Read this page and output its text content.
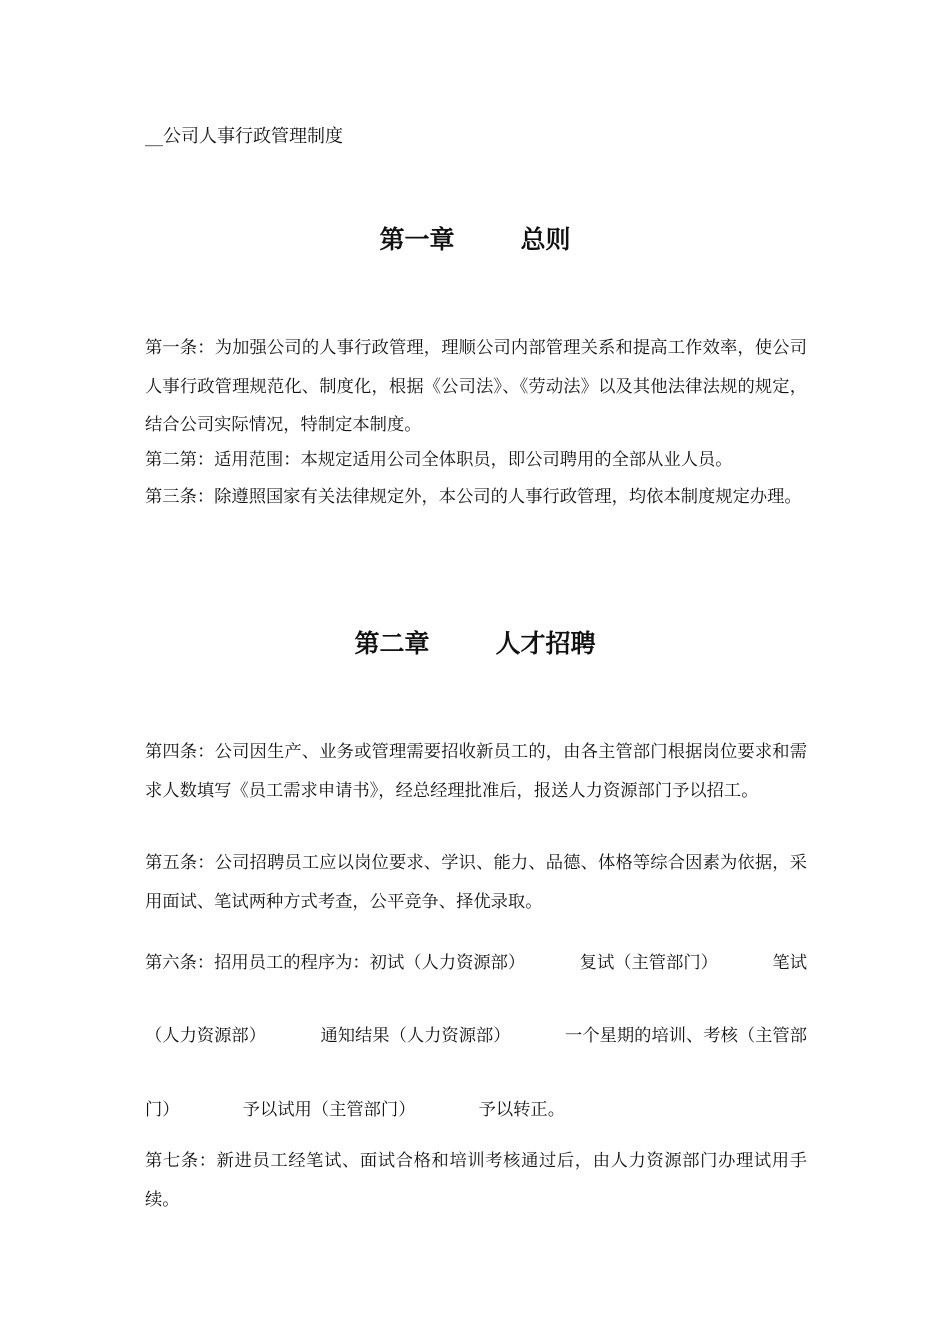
__公司人事行政管理制度
第一章	总则
第一条：为加强公司的人事行政管理，理顺公司内部管理关系和提高工作效率，使公司人事行政管理规范化、制度化，根据《公司法》、《劳动法》以及其他法律法规的规定，结合公司实际情况，特制定本制度。
第二第：适用范围：本规定适用公司全体职员，即公司聘用的全部从业人员。
第三条：除遵照国家有关法律规定外，本公司的人事行政管理，均依本制度规定办理。
第二章	人才招聘
第四条：公司因生产、业务或管理需要招收新员工的，由各主管部门根据岗位要求和需求人数填写《员工需求申请书》，经总经理批准后，报送人力资源部门予以招工。
第五条：公司招聘员工应以岗位要求、学识、能力、品德、体格等综合因素为依据，采用面试、笔试两种方式考查，公平竞争、择优录取。
第六条：招用员工的程序为：初试（人力资源部）	复试（主管部门）	笔试
（人力资源部）	通知结果（人力资源部）	一个星期的培训、考核（主管部
门）	予以试用（主管部门）	予以转正。
第七条：新进员工经笔试、面试合格和培训考核通过后，由人力资源部门办理试用手续。
